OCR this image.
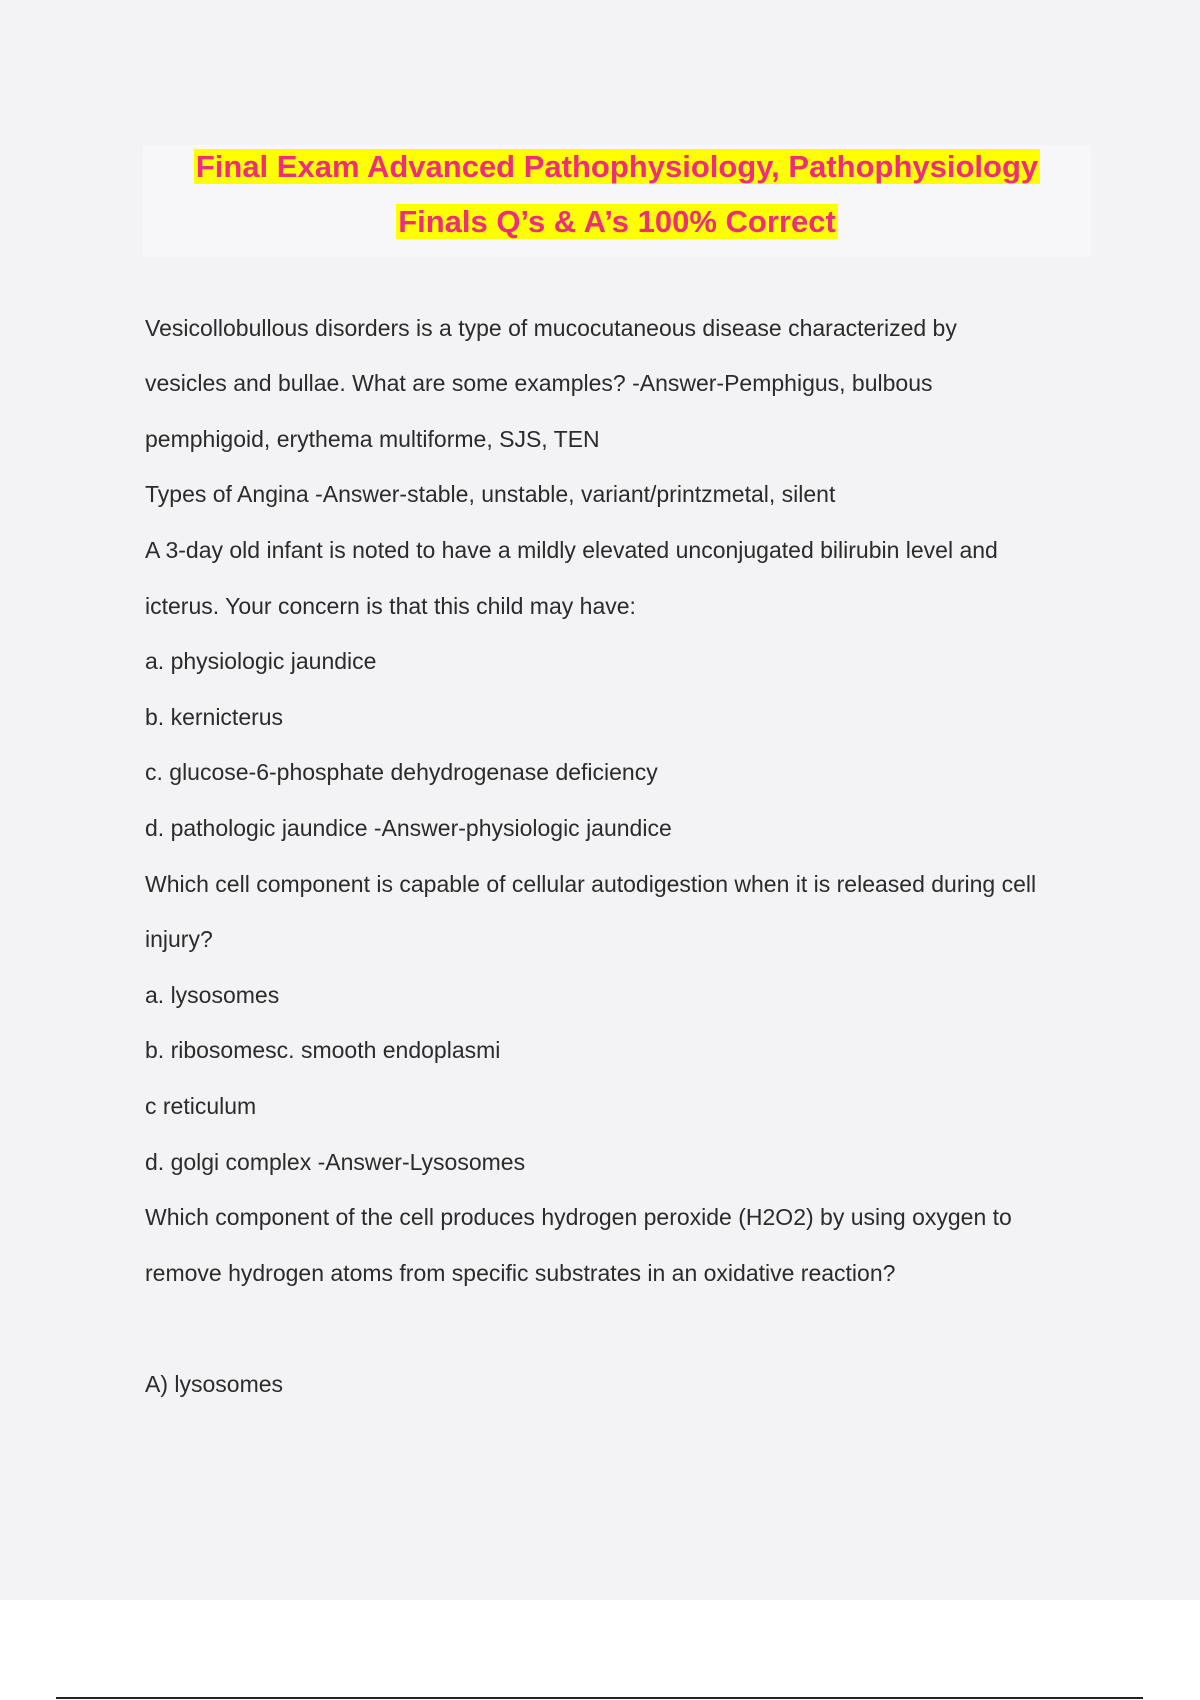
Final Exam Advanced Pathophysiology, Pathophysiology
Finals Q’s & A’s 100% Correct
Vesicollobullous disorders is a type of mucocutaneous disease characterized by
vesicles and bullae. What are some examples? -Answer-Pemphigus, bulbous
pemphigoid, erythema multiforme, SJS, TEN
Types of Angina -Answer-stable, unstable, variant/printzmetal, silent
A 3-day old infant is noted to have a mildly elevated unconjugated bilirubin level and
icterus. Your concern is that this child may have:
a. physiologic jaundice
b. kernicterus
c. glucose-6-phosphate dehydrogenase deficiency
d. pathologic jaundice -Answer-physiologic jaundice
Which cell component is capable of cellular autodigestion when it is released during cell
injury?
a. lysosomes
b. ribosomesc. smooth endoplasmi
c reticulum
d. golgi complex -Answer-Lysosomes
Which component of the cell produces hydrogen peroxide (H2O2) by using oxygen to
remove hydrogen atoms from specific substrates in an oxidative reaction?
A) lysosomes
